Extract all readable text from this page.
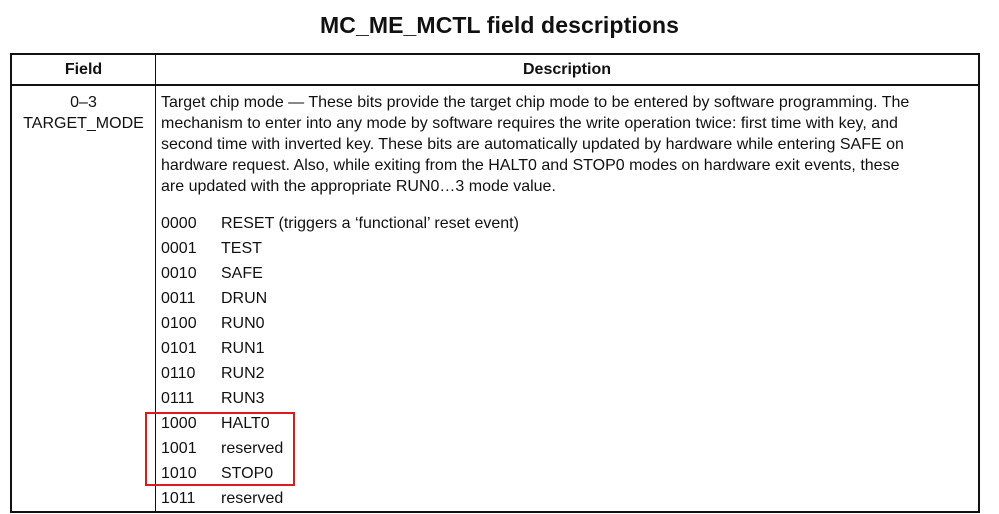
MC_ME_MCTL field descriptions
Field	Description
0–3
TARGET_MODE
Target chip mode — These bits provide the target chip mode to be entered by software programming. The
mechanism to enter into any mode by software requires the write operation twice: first time with key, and
second time with inverted key. These bits are automatically updated by hardware while entering SAFE on
hardware request. Also, while exiting from the HALT0 and STOP0 modes on hardware exit events, these
are updated with the appropriate RUN0…3 mode value.
0000 RESET (triggers a ‘functional’ reset event)
0001 TEST
0010 SAFE
0011 DRUN
0100 RUN0
0101 RUN1
0110 RUN2
0111 RUN3
1000 HALT0
1001 reserved
1010 STOP0
1011 reserved
